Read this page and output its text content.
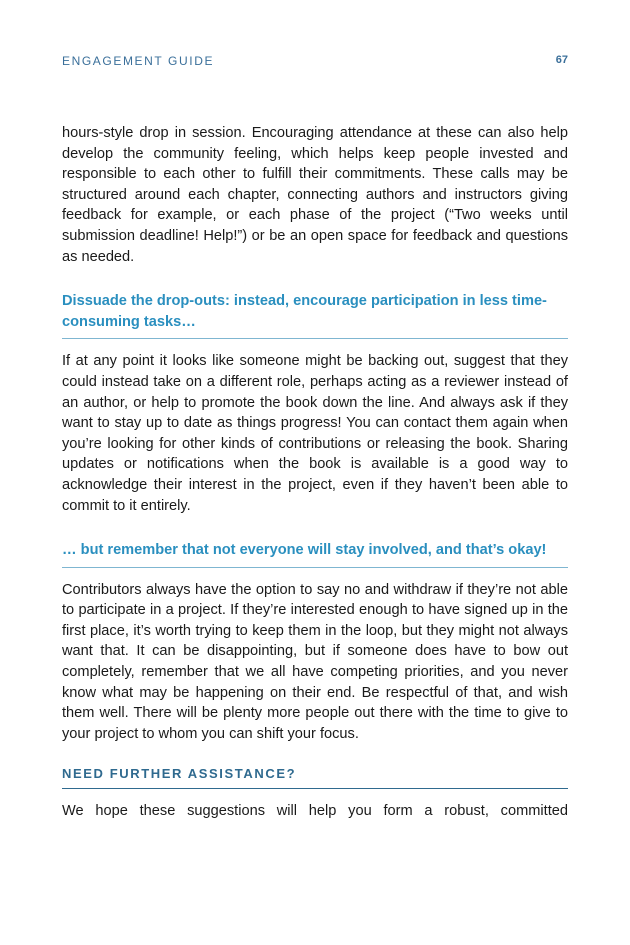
ENGAGEMENT GUIDE	67

hours-style drop in session. Encouraging attendance at these can also help develop the community feeling, which helps keep people invested and responsible to each other to fulfill their commitments. These calls may be structured around each chapter, connecting authors and instructors giving feedback for example, or each phase of the project (“Two weeks until submission deadline! Help!”) or be an open space for feedback and questions as needed.

Dissuade the drop-outs: instead, encourage participation in less time-consuming tasks…

If at any point it looks like someone might be backing out, suggest that they could instead take on a different role, perhaps acting as a reviewer instead of an author, or help to promote the book down the line. And always ask if they want to stay up to date as things progress! You can contact them again when you’re looking for other kinds of contributions or releasing the book. Sharing updates or notifications when the book is available is a good way to acknowledge their interest in the project, even if they haven’t been able to commit to it entirely.

… but remember that not everyone will stay involved, and that’s okay!

Contributors always have the option to say no and withdraw if they’re not able to participate in a project. If they’re interested enough to have signed up in the first place, it’s worth trying to keep them in the loop, but they might not always want that. It can be disappointing, but if someone does have to bow out completely, remember that we all have competing priorities, and you never know what may be happening on their end. Be respectful of that, and wish them well. There will be plenty more people out there with the time to give to your project to whom you can shift your focus.

NEED FURTHER ASSISTANCE?

We hope these suggestions will help you form a robust, committed
